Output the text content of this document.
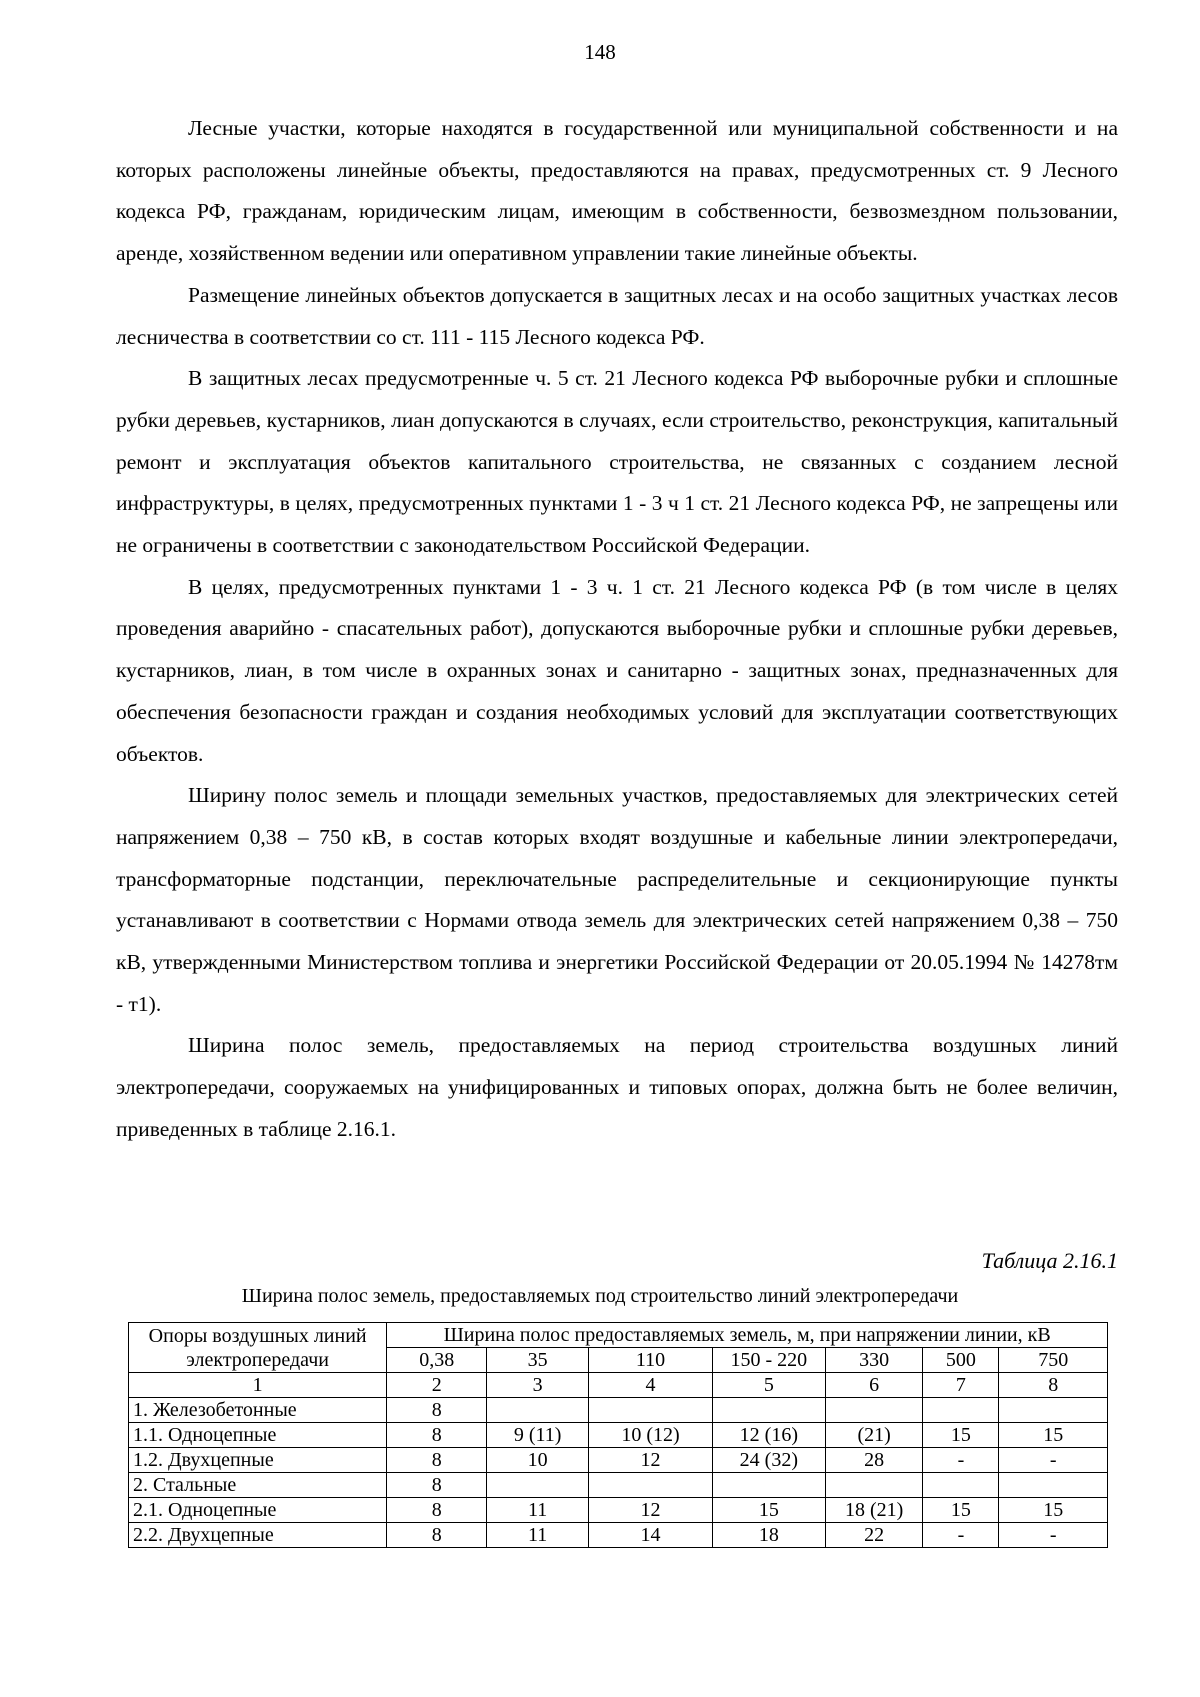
148

Лесные участки, которые находятся в государственной или муниципальной собственности и на которых расположены линейные объекты, предоставляются на правах, предусмотренных ст. 9 Лесного кодекса РФ, гражданам, юридическим лицам, имеющим в собственности, безвозмездном пользовании, аренде, хозяйственном ведении или оперативном управлении такие линейные объекты.

Размещение линейных объектов допускается в защитных лесах и на особо защитных участках лесов лесничества в соответствии со ст. 111 - 115 Лесного кодекса РФ.

В защитных лесах предусмотренные ч. 5 ст. 21 Лесного кодекса РФ выборочные рубки и сплошные рубки деревьев, кустарников, лиан допускаются в случаях, если строительство, реконструкция, капитальный ремонт и эксплуатация объектов капитального строительства, не связанных с созданием лесной инфраструктуры, в целях, предусмотренных пунктами 1 - 3 ч 1 ст. 21 Лесного кодекса РФ, не запрещены или не ограничены в соответствии с законодательством Российской Федерации.

В целях, предусмотренных пунктами 1 - 3 ч. 1 ст. 21 Лесного кодекса РФ (в том числе в целях проведения аварийно - спасательных работ), допускаются выборочные рубки и сплошные рубки деревьев, кустарников, лиан, в том числе в охранных зонах и санитарно - защитных зонах, предназначенных для обеспечения безопасности граждан и создания необходимых условий для эксплуатации соответствующих объектов.

Ширину полос земель и площади земельных участков, предоставляемых для электрических сетей напряжением 0,38 – 750 кВ, в состав которых входят воздушные и кабельные линии электропередачи, трансформаторные подстанции, переключательные распределительные и секционирующие пункты устанавливают в соответствии с Нормами отвода земель для электрических сетей напряжением 0,38 – 750 кВ, утвержденными Министерством топлива и энергетики Российской Федерации от 20.05.1994 № 14278тм - т1).

Ширина полос земель, предоставляемых на период строительства воздушных линий электропередачи, сооружаемых на унифицированных и типовых опорах, должна быть не более величин, приведенных в таблице 2.16.1.

Таблица 2.16.1
Ширина полос земель, предоставляемых под строительство линий электропередачи
Опоры воздушных линий электропередачи	Ширина полос предоставляемых земель, м, при напряжении линии, кВ						
	0,38	35	110	150 - 220	330	500	750
1	2	3	4	5	6	7	8
1. Железобетонные	8						
1.1. Одноцепные	8	9 (11)	10 (12)	12 (16)	(21)	15	15
1.2. Двухцепные	8	10	12	24 (32)	28	-	-
2. Стальные	8						
2.1. Одноцепные	8	11	12	15	18 (21)	15	15
2.2. Двухцепные	8	11	14	18	22	-	-
